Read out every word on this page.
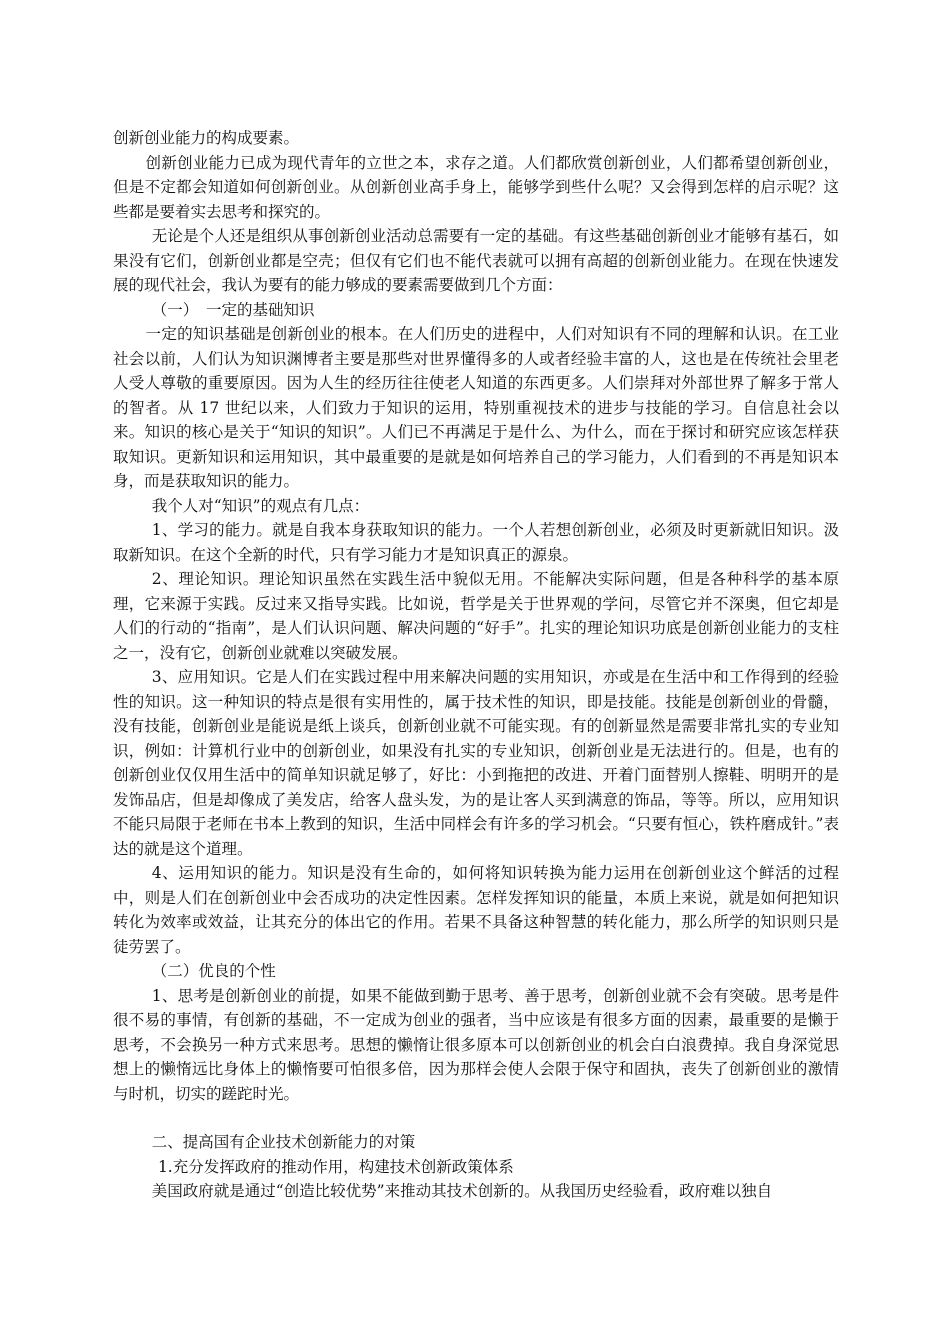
创新创业能力的构成要素。

创新创业能力已成为现代青年的立世之本，求存之道。人们都欣赏创新创业，人们都希望创新创业，但是不定都会知道如何创新创业。从创新创业高手身上，能够学到些什么呢？又会得到怎样的启示呢？这些都是要着实去思考和探究的。

无论是个人还是组织从事创新创业活动总需要有一定的基础。有这些基础创新创业才能够有基石，如果没有它们，创新创业都是空壳；但仅有它们也不能代表就可以拥有高超的创新创业能力。在现在快速发展的现代社会，我认为要有的能力够成的要素需要做到几个方面：

（一）　一定的基础知识

一定的知识基础是创新创业的根本。在人们历史的进程中，人们对知识有不同的理解和认识。在工业社会以前，人们认为知识渊博者主要是那些对世界懂得多的人或者经验丰富的人，这也是在传统社会里老人受人尊敬的重要原因。因为人生的经历往往使老人知道的东西更多。人们崇拜对外部世界了解多于常人的智者。从 17 世纪以来，人们致力于知识的运用，特别重视技术的进步与技能的学习。自信息社会以来。知识的核心是关于“知识的知识”。人们已不再满足于是什么、为什么，而在于探讨和研究应该怎样获取知识。更新知识和运用知识，其中最重要的是就是如何培养自己的学习能力，人们看到的不再是知识本身，而是获取知识的能力。

我个人对“知识”的观点有几点：

1、学习的能力。就是自我本身获取知识的能力。一个人若想创新创业，必须及时更新就旧知识。汲取新知识。在这个全新的时代，只有学习能力才是知识真正的源泉。

2、理论知识。理论知识虽然在实践生活中貌似无用。不能解决实际问题，但是各种科学的基本原理，它来源于实践。反过来又指导实践。比如说，哲学是关于世界观的学问，尽管它并不深奥，但它却是人们的行动的“指南”，是人们认识问题、解决问题的“好手”。扎实的理论知识功底是创新创业能力的支柱之一，没有它，创新创业就难以突破发展。

3、应用知识。它是人们在实践过程中用来解决问题的实用知识，亦或是在生活中和工作得到的经验性的知识。这一种知识的特点是很有实用性的，属于技术性的知识，即是技能。技能是创新创业的骨髓，没有技能，创新创业是能说是纸上谈兵，创新创业就不可能实现。有的创新显然是需要非常扎实的专业知识，例如：计算机行业中的创新创业，如果没有扎实的专业知识，创新创业是无法进行的。但是，也有的创新创业仅仅用生活中的简单知识就足够了，好比：小到拖把的改进、开着门面替别人擦鞋、明明开的是发饰品店，但是却像成了美发店，给客人盘头发，为的是让客人买到满意的饰品，等等。所以，应用知识不能只局限于老师在书本上教到的知识，生活中同样会有许多的学习机会。“只要有恒心，铁杵磨成针。”表达的就是这个道理。

4、运用知识的能力。知识是没有生命的，如何将知识转换为能力运用在创新创业这个鲜活的过程中，则是人们在创新创业中会否成功的决定性因素。怎样发挥知识的能量，本质上来说，就是如何把知识转化为效率或效益，让其充分的体出它的作用。若果不具备这种智慧的转化能力，那么所学的知识则只是徒劳罢了。

（二）优良的个性

1、思考是创新创业的前提，如果不能做到勤于思考、善于思考，创新创业就不会有突破。思考是件很不易的事情，有创新的基础，不一定成为创业的强者，当中应该是有很多方面的因素，最重要的是懒于思考，不会换另一种方式来思考。思想的懒惰让很多原本可以创新创业的机会白白浪费掉。我自身深觉思想上的懒惰远比身体上的懒惰要可怕很多倍，因为那样会使人会限于保守和固执，丧失了创新创业的激情与时机，切实的蹉跎时光。

二、提高国有企业技术创新能力的对策

1.充分发挥政府的推动作用，构建技术创新政策体系

美国政府就是通过“创造比较优势”来推动其技术创新的。从我国历史经验看，政府难以独自
